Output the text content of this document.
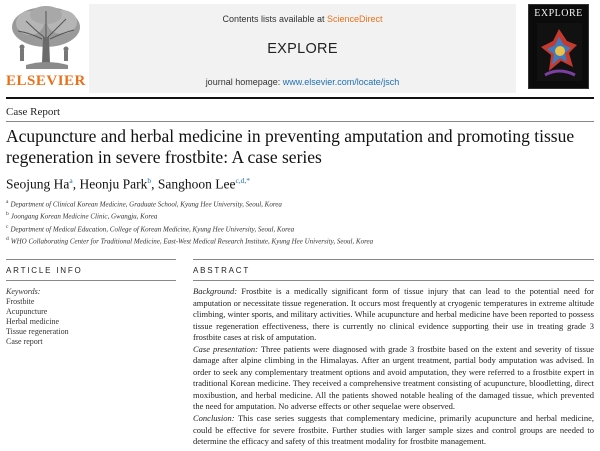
ELSEVIER
Contents lists available at ScienceDirect
EXPLORE
journal homepage: www.elsevier.com/locate/jsch
EXPLORE
Case Report
Acupuncture and herbal medicine in preventing amputation and promoting tissue regeneration in severe frostbite: A case series
Seojung Ha$^a$, Heonju Park$^b$, Sanghoon Lee$^{c,d,*}$
$^a$ Department of Clinical Korean Medicine, Graduate School, Kyung Hee University, Seoul, Korea
$^b$ Joongang Korean Medicine Clinic, Gwangju, Korea
$^c$ Department of Medical Education, College of Korean Medicine, Kyung Hee University, Seoul, Korea
$^d$ WHO Collaborating Center for Traditional Medicine, East-West Medical Research Institute, Kyung Hee University, Seoul, Korea
ARTICLE INFO	ABSTRACT
Keywords:
Frostbite
Acupuncture
Herbal medicine
Tissue regeneration
Case report

Background: Frostbite is a medically significant form of tissue injury that can lead to the potential need for amputation or necessitate tissue regeneration. It occurs most frequently at cryogenic temperatures in extreme altitude climbing, winter sports, and military activities. While acupuncture and herbal medicine have been reported to possess tissue regeneration effectiveness, there is currently no clinical evidence supporting their use in treating grade 3 frostbite cases at risk of amputation.

Case presentation: Three patients were diagnosed with grade 3 frostbite based on the extent and severity of tissue damage after alpine climbing in the Himalayas. After an urgent treatment, partial body amputation was advised. In order to seek any complementary treatment options and avoid amputation, they were referred to a frostbite expert in traditional Korean medicine. They received a comprehensive treatment consisting of acupuncture, bloodletting, direct moxibustion, and herbal medicine. All the patients showed notable healing of the damaged tissue, which prevented the need for amputation. No adverse effects or other sequelae were observed.

Conclusion: This case series suggests that complementary medicine, primarily acupuncture and herbal medicine, could be effective for severe frostbite. Further studies with larger sample sizes and control groups are needed to determine the efficacy and safety of this treatment modality for frostbite management.
